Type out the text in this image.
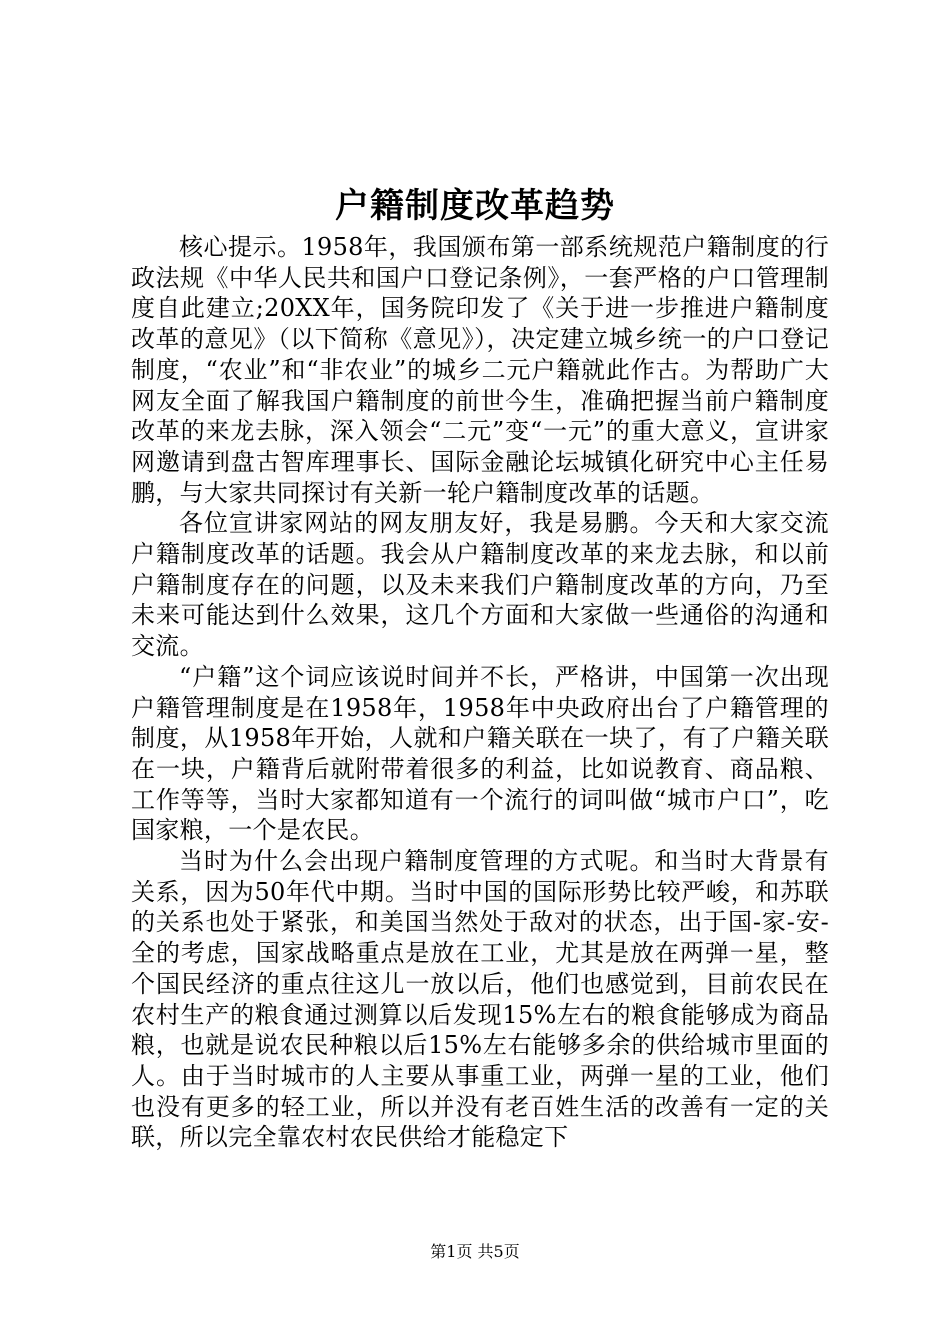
户籍制度改革趋势

核心提示。1958年，我国颁布第一部系统规范户籍制度的行政法规《中华人民共和国户口登记条例》，一套严格的户口管理制度自此建立;20XX年，国务院印发了《关于进一步推进户籍制度改革的意见》（以下简称《意见》），决定建立城乡统一的户口登记制度，“农业”和“非农业”的城乡二元户籍就此作古。为帮助广大网友全面了解我国户籍制度的前世今生，准确把握当前户籍制度改革的来龙去脉，深入领会“二元”变“一元”的重大意义，宣讲家网邀请到盘古智库理事长、国际金融论坛城镇化研究中心主任易鹏，与大家共同探讨有关新一轮户籍制度改革的话题。

各位宣讲家网站的网友朋友好，我是易鹏。今天和大家交流户籍制度改革的话题。我会从户籍制度改革的来龙去脉，和以前户籍制度存在的问题，以及未来我们户籍制度改革的方向，乃至未来可能达到什么效果，这几个方面和大家做一些通俗的沟通和交流。

“户籍”这个词应该说时间并不长，严格讲，中国第一次出现户籍管理制度是在1958年，1958年中央政府出台了户籍管理的制度，从1958年开始，人就和户籍关联在一块了，有了户籍关联在一块，户籍背后就附带着很多的利益，比如说教育、商品粮、工作等等，当时大家都知道有一个流行的词叫做“城市户口”，吃国家粮，一个是农民。

当时为什么会出现户籍制度管理的方式呢。和当时大背景有关系，因为50年代中期。当时中国的国际形势比较严峻，和苏联的关系也处于紧张，和美国当然处于敌对的状态，出于国-家-安-全的考虑，国家战略重点是放在工业，尤其是放在两弹一星，整个国民经济的重点往这儿一放以后，他们也感觉到，目前农民在农村生产的粮食通过测算以后发现15%左右的粮食能够成为商品粮，也就是说农民种粮以后15%左右能够多余的供给城市里面的人。由于当时城市的人主要从事重工业，两弹一星的工业，他们也没有更多的轻工业，所以并没有老百姓生活的改善有一定的关联，所以完全靠农村农民供给才能稳定下

第1页 共5页
